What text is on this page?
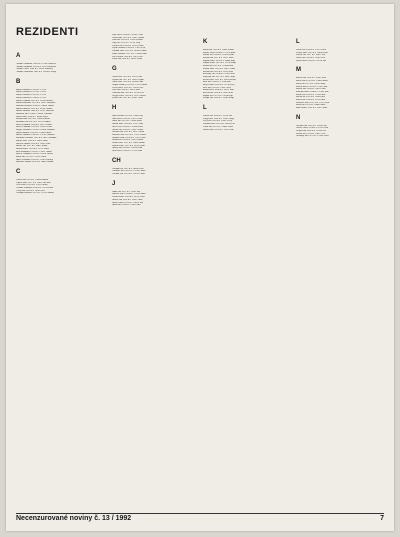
REZIDENTI
A
Adamec Bohumil 1906 PZ 19120 Albrecht
Adamec Bohumil 1924 KV 12514 Emerich
Adamec Josef 1906 KV 16950 Vinkový
Adamec Bronislav 1909 KV 15904 Z Rony
B
Bahyl František 1939 KV 12274
Bahyl František 1927 KV 12256
Bahyl František 1925 KV 12378
Bahyl František 1914 KV 12378
Bahyl Vladimír 1916 KV 16950 Mirosl.
Balcák Miroslav 1915 KV 16627 Miroslav
Bakolka Jaroslav 1930 KV 14008 Tomáš
Barák Ladislav 1925 KV 16138 Gustáv
Bartoš Jaroslav 1909 KV 13747 Ribéčák
Bartošek Jan 1910 KV 18050 Teuchner
Bašek Josef 1926 KV 16008 Jozef
Bednář Ivan 1925 KV 12489 Zahoni
Bednářek Jan 1913 KV 18152 Bartoš
Beneš Lubomír 1934 KV 16113 Lubor
Beneš Vladimír 1929 KV 16659 Teofil
Berger Ladislav 1913 KV 18908 Tomášek
Bláha Jaroslav 1926 KV 15850 Dusek
Blažek Jaroslav 1920 KV 13913 Gablíček
Bohuslav Ladislav 1929 KV 14213 Bohdan
Bohuš Josef 1928 KV 16001 Jirka
Bouček Eduard 1930 KV 13816 Jena
Brabec Jiří 1927 KV 14412 Sokol
Brázda Karel 1924 KV 13711 Karel
Brož Bohuslav 1919 KV 15433 Tomas
Buček Vladimír 1922 KV 16018 Vaclav
Bulín Jan 1927 KV 19122 Šebek
Bureš Vlastimil 1928 KV 12001 Brezny
Buriánek Otakar 1926 KV 14401 Bohun
C
Čadek Jan 1925 KV 15008 Ramon
Čapek Josef 1917 KV 12007 Jiří Buh
Čech Karel 1929 KV 13622 Mach
Čermák František 1928 KV 12218 Klim
Černý Jan 1920 KV 14903 Petr
Chalupa Jaroslav 1927 KV 12516 Šimon
Fajfr Josef 1928 KV 16182 Cesar
Fiala Karel 1923 KV 12011 Honza
Fiala Jan 1926 KV 15302 Zeman
Filip Jiří 1925 KV 12718 Filip
Fischer Jan 1924 KV 16702 Franz
Fojtík Antonín 1928 KV 13021 Fojt
Forman Josef 1922 KV 14506 Forma
Frank Jaroslav 1927 KV 12204 Frank
Frič Zdeněk 1930 KV 15633 Frič
Fuchs Jan 1924 KV 14102 Liška
G
Gába Jozef 1929 KV 12110 Gab
Gajdoš Jan 1927 KV 15810 Gajda
Galla Josef 1926 KV 16904 Galla
Gaspar Ondrej 1925 KV 13221 Ondra
Gerža Jozef 1923 KV 17018 Gerž
Glas Jan 1930 KV 14311 Sklo
Gottwald Jan 1928 KV 12708 Got
Gregor Pavel 1926 KV 13315 Řehoř
Gruber Jiří 1921 KV 16201 Grub
H
Hájek Milan 1925 KV 15803 Háj
Hála Josef 1929 KV 14317 Hala
Halík Jan 1927 KV 12906 Halík
Hanák Josef 1924 KV 13511 Han
Havel Petr 1928 KV 16108 Havel
Havlík Jiří 1926 KV 12007 Havla
Heřman Jan 1923 KV 14215 Heřm
Hlaváček Jan 1925 KV 17012 Hlava
Hloušek Karel 1930 KV 15101 Hloš
Holub Jan 1924 KV 12815 Holub
Horák Josef 1927 KV 13409 Horák
Horník Pavel 1922 KV 16503 Horn
Hrubý Jan 1928 KV 14708 Hrub
Hůla Josef 1926 KV 12112 Hůla
CH
Chalupa Jiří 1925 KV 14908 Chal
Chmelař Jan 1929 KV 13314 Chmel
Chvátal Petr 1923 KV 16015 Chvát
J
Janda Jan 1927 KV 15203 Jan
Janeček Josef 1924 KV 12418 Jánek
Jelínek Karel 1928 KV 16710 Jelen
Jirásek Jan 1926 KV 13021 Jirák
Jiráček Josef 1922 KV 14612 Jira
Jurák Jan 1930 KV 12905 Jura
K
Kabát Jan 1926 KV 15402 Kabát
Kadlec Josef 1924 KV 12216 Kadl
Kalina Jiří 1928 KV 16103 Kalin
Kaluža Jan 1927 KV 13511 Kalu
Kaplan Josef 1923 KV 14008 Kap
Kašpar Karel 1929 KV 12706 Kašp
Klíma Jan 1925 KV 15304 Klím
Kobza Josef 1926 KV 16817 Kobz
Kocián Jan 1928 KV 13102 Koc
Konečný Jiří 1924 KV 12411 Kon
Kopecký Jan 1927 KV 14915 Kop
Kovář Josef 1922 KV 16209 Kovář
Král Jan 1930 KV 13704 Král
Krejčí Karel 1926 KV 12318 Krej
Kříž Jan 1925 KV 15007 Kříž
Kubát Josef 1928 KV 14212 Kub
Kučera Jan 1924 KV 16601 Kuč
Kupka Jiří 1927 KV 12814 Kup
Kvapil Jan 1923 KV 13906 Kvap
L
Lacina Jan 1926 KV 15110 Lac
Lang Josef 1924 KV 12503 Lang
Levý Jan 1929 KV 16207 Levý
Linhart Karel 1925 KV 14018 Lin
Liška Jan 1927 KV 13402 Liška
Lukáš Josef 1922 KV 12916 Luk
L
Lacko Jan 1928 KV 15212 Lack
Lehký Josef 1925 KV 13008 Lehk
Lorenc Jiří 1927 KV 16415 Lor
Lukeš Jan 1924 KV 12603 Luk
Lysák Josef 1926 KV 14714 Lys
M
Macek Jan 1929 KV 15101 Mac
Mach Josef 1923 KV 12809 Mach
Malý Jan 1927 KV 16016 Malý
Marek Karel 1925 KV 13307 Mar
Mašek Jan 1928 KV 14611 Maš
Matějka Josef 1924 KV 12205 Mat
Mazal Jan 1926 KV 15918 Maz
Mička Jiří 1922 KV 13403 Mič
Mikeš Jan 1930 KV 16710 Mik
Moravec Josef 1927 KV 12112 Mor
Mráz Jan 1925 KV 14406 Mráz
Musil Karel 1929 KV 15015 Mus
N
Navrátil Jan 1926 KV 13208 Nav
Němec Josef 1924 KV 16113 Něm
Nešpor Jan 1928 KV 12504 Neš
Novák Jiří 1923 KV 14817 Nov
Novotný Jan 1927 KV 15309 Novo
Necenzurované noviny č. 13 / 1992	7
